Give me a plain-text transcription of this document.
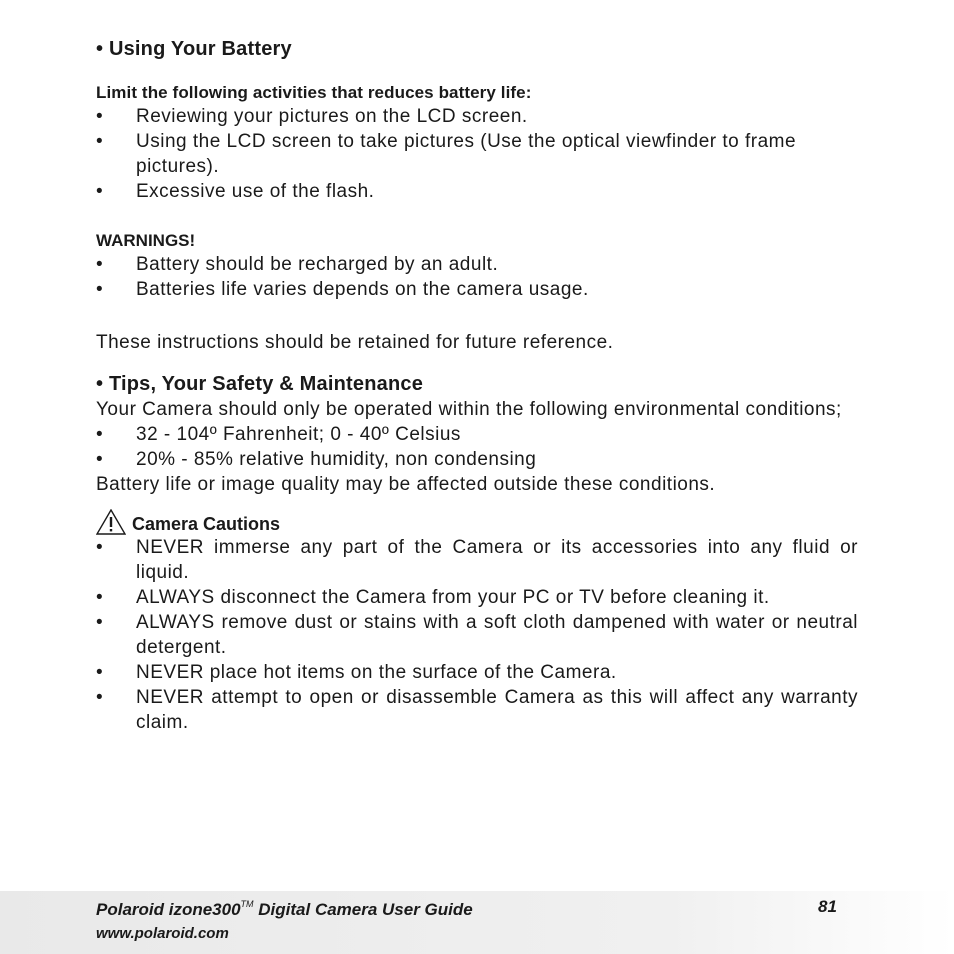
• Using Your Battery
Limit the following activities that reduces battery life:
• Reviewing your pictures on the LCD screen.
• Using the LCD screen to take pictures (Use the optical viewfinder to frame pictures).
• Excessive use of the flash.
WARNINGS!
• Battery should be recharged by an adult.
• Batteries life varies depends on the camera usage.
These instructions should be retained for future reference.
• Tips, Your Safety & Maintenance
Your Camera should only be operated within the following environmental conditions;
• 32 - 104º Fahrenheit; 0 - 40º Celsius
• 20% - 85% relative humidity, non condensing
Battery life or image quality may be affected outside these conditions.
Camera Cautions
• NEVER immerse any part of the Camera or its accessories into any fluid or liquid.
• ALWAYS disconnect the Camera from your PC or TV before cleaning it.
• ALWAYS remove dust or stains with a soft cloth dampened with water or neutral detergent.
• NEVER place hot items on the surface of the Camera.
• NEVER attempt to open or disassemble Camera as this will affect any warranty claim.
Polaroid izone300™ Digital Camera User Guide
www.polaroid.com
81
